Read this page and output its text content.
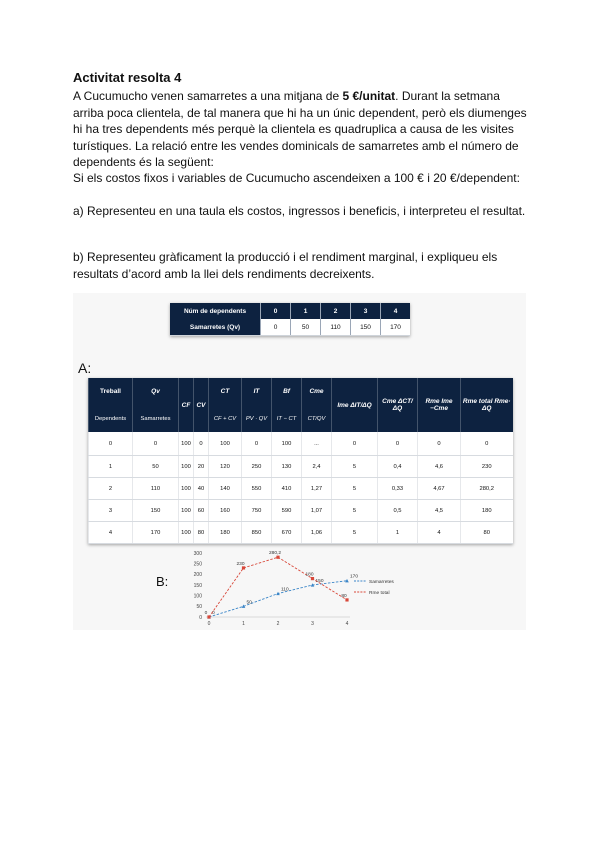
Activitat resolta 4
A Cucumucho venen samarretes a una mitjana de 5 €/unitat. Durant la setmana arriba poca clientela, de tal manera que hi ha un únic dependent, però els diumenges hi ha tres dependents més perquè la clientela es quadruplica a causa de les visites turístiques. La relació entre les vendes dominicals de samarretes amb el número de dependents és la següent:
Si els costos fixos i variables de Cucumucho ascendeixen a 100 € i 20 €/dependent:
a) Representeu en una taula els costos, ingressos i beneficis, i interpreteu el resultat.
b) Representeu gràficament la producció i el rendiment marginal, i expliqueu els resultats d’acord amb la llei dels rendiments decreixents.
Núm de dependents	0	1	2	3	4
Samarretes (Qv)	0	50	110	150	170
A:
Treball	Qv	CF	CV	CT	IT	Bf	Cme	Ime ΔIT/ΔQ	Cme ΔCT/ΔQ	Rme Ime −Cme	Rme total Rme· ΔQ
Dependents	Samarretes			CF + CV	PV · QV	IT − CT	CT/QV				
0	0	100	0	100	0	100	...	0	0	0	0
1	50	100	20	120	250	130	2,4	5	0,4	4,6	230
2	110	100	40	140	550	410	1,27	5	0,33	4,67	280,2
3	150	100	60	160	750	590	1,07	5	0,5	4,5	180
4	170	100	80	180	850	670	1,06	5	1	4	80
B:
0
50
100
150
200
250
300
0	1	2	3	4
0
50
110
150
170
0
230
280,2
180
80
Samarretes
Rme total
